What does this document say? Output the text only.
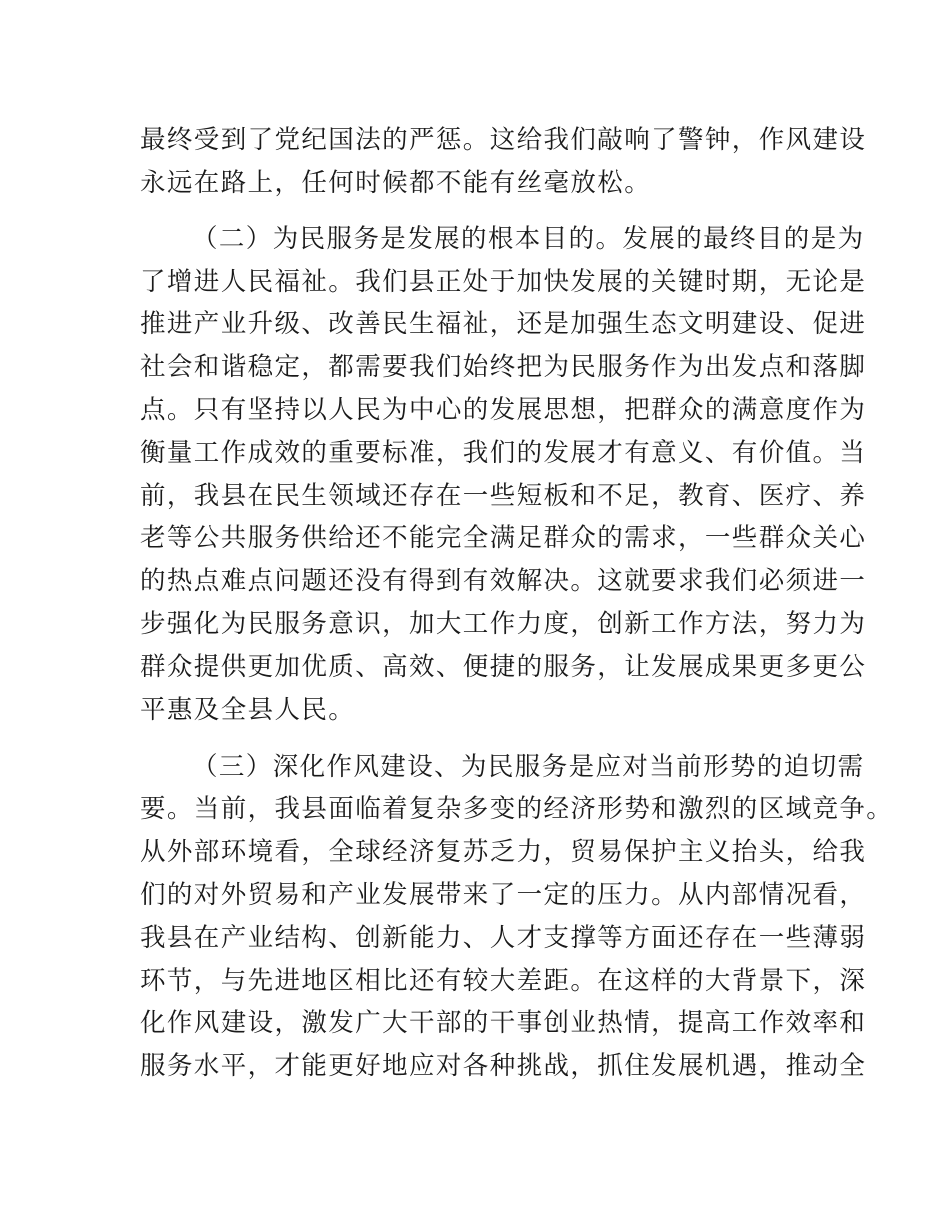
最终受到了党纪国法的严惩。这给我们敲响了警钟，作风建设
永远在路上，任何时候都不能有丝毫放松。
（二）为民服务是发展的根本目的。发展的最终目的是为
了增进人民福祉。我们县正处于加快发展的关键时期，无论是
推进产业升级、改善民生福祉，还是加强生态文明建设、促进
社会和谐稳定，都需要我们始终把为民服务作为出发点和落脚
点。只有坚持以人民为中心的发展思想，把群众的满意度作为
衡量工作成效的重要标准，我们的发展才有意义、有价值。当
前，我县在民生领域还存在一些短板和不足，教育、医疗、养
老等公共服务供给还不能完全满足群众的需求，一些群众关心
的热点难点问题还没有得到有效解决。这就要求我们必须进一
步强化为民服务意识，加大工作力度，创新工作方法，努力为
群众提供更加优质、高效、便捷的服务，让发展成果更多更公
平惠及全县人民。
（三）深化作风建设、为民服务是应对当前形势的迫切需
要。当前，我县面临着复杂多变的经济形势和激烈的区域竞争。
从外部环境看，全球经济复苏乏力，贸易保护主义抬头，给我
们的对外贸易和产业发展带来了一定的压力。从内部情况看，
我县在产业结构、创新能力、人才支撑等方面还存在一些薄弱
环节，与先进地区相比还有较大差距。在这样的大背景下，深
化作风建设，激发广大干部的干事创业热情，提高工作效率和
服务水平，才能更好地应对各种挑战，抓住发展机遇，推动全
